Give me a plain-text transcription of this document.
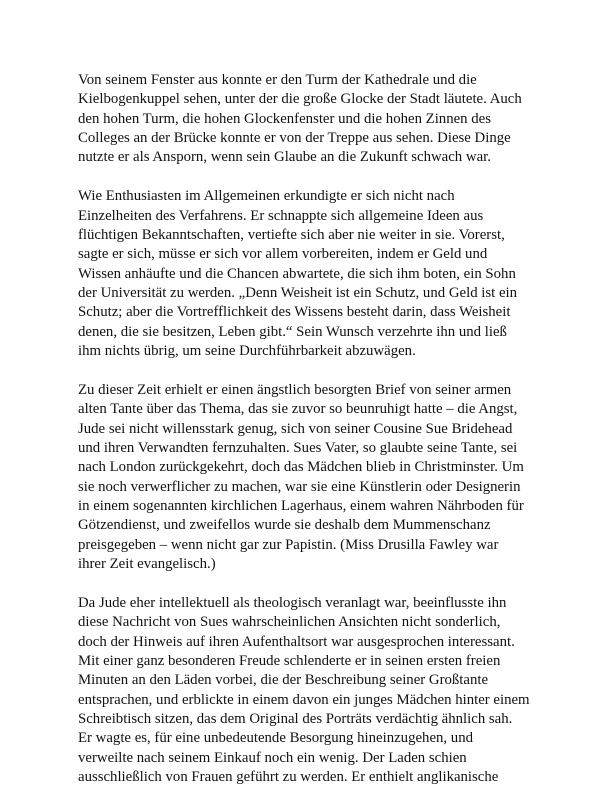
Von seinem Fenster aus konnte er den Turm der Kathedrale und die
Kielbogenkuppel sehen, unter der die große Glocke der Stadt läutete. Auch
den hohen Turm, die hohen Glockenfenster und die hohen Zinnen des
Colleges an der Brücke konnte er von der Treppe aus sehen. Diese Dinge
nutzte er als Ansporn, wenn sein Glaube an die Zukunft schwach war.

Wie Enthusiasten im Allgemeinen erkundigte er sich nicht nach
Einzelheiten des Verfahrens. Er schnappte sich allgemeine Ideen aus
flüchtigen Bekanntschaften, vertiefte sich aber nie weiter in sie. Vorerst,
sagte er sich, müsse er sich vor allem vorbereiten, indem er Geld und
Wissen anhäufte und die Chancen abwartete, die sich ihm boten, ein Sohn
der Universität zu werden. „Denn Weisheit ist ein Schutz, und Geld ist ein
Schutz; aber die Vortrefflichkeit des Wissens besteht darin, dass Weisheit
denen, die sie besitzen, Leben gibt.“ Sein Wunsch verzehrte ihn und ließ
ihm nichts übrig, um seine Durchführbarkeit abzuwägen.

Zu dieser Zeit erhielt er einen ängstlich besorgten Brief von seiner armen
alten Tante über das Thema, das sie zuvor so beunruhigt hatte – die Angst,
Jude sei nicht willensstark genug, sich von seiner Cousine Sue Bridehead
und ihren Verwandten fernzuhalten. Sues Vater, so glaubte seine Tante, sei
nach London zurückgekehrt, doch das Mädchen blieb in Christminster. Um
sie noch verwerflicher zu machen, war sie eine Künstlerin oder Designerin
in einem sogenannten kirchlichen Lagerhaus, einem wahren Nährboden für
Götzendienst, und zweifellos wurde sie deshalb dem Mummenschanz
preisgegeben – wenn nicht gar zur Papistin. (Miss Drusilla Fawley war
ihrer Zeit evangelisch.)

Da Jude eher intellektuell als theologisch veranlagt war, beeinflusste ihn
diese Nachricht von Sues wahrscheinlichen Ansichten nicht sonderlich,
doch der Hinweis auf ihren Aufenthaltsort war ausgesprochen interessant.
Mit einer ganz besonderen Freude schlenderte er in seinen ersten freien
Minuten an den Läden vorbei, die der Beschreibung seiner Großtante
entsprachen, und erblickte in einem davon ein junges Mädchen hinter einem
Schreibtisch sitzen, das dem Original des Porträts verdächtig ähnlich sah.
Er wagte es, für eine unbedeutende Besorgung hineinzugehen, und
verweilte nach seinem Einkauf noch ein wenig. Der Laden schien
ausschließlich von Frauen geführt zu werden. Er enthielt anglikanische
